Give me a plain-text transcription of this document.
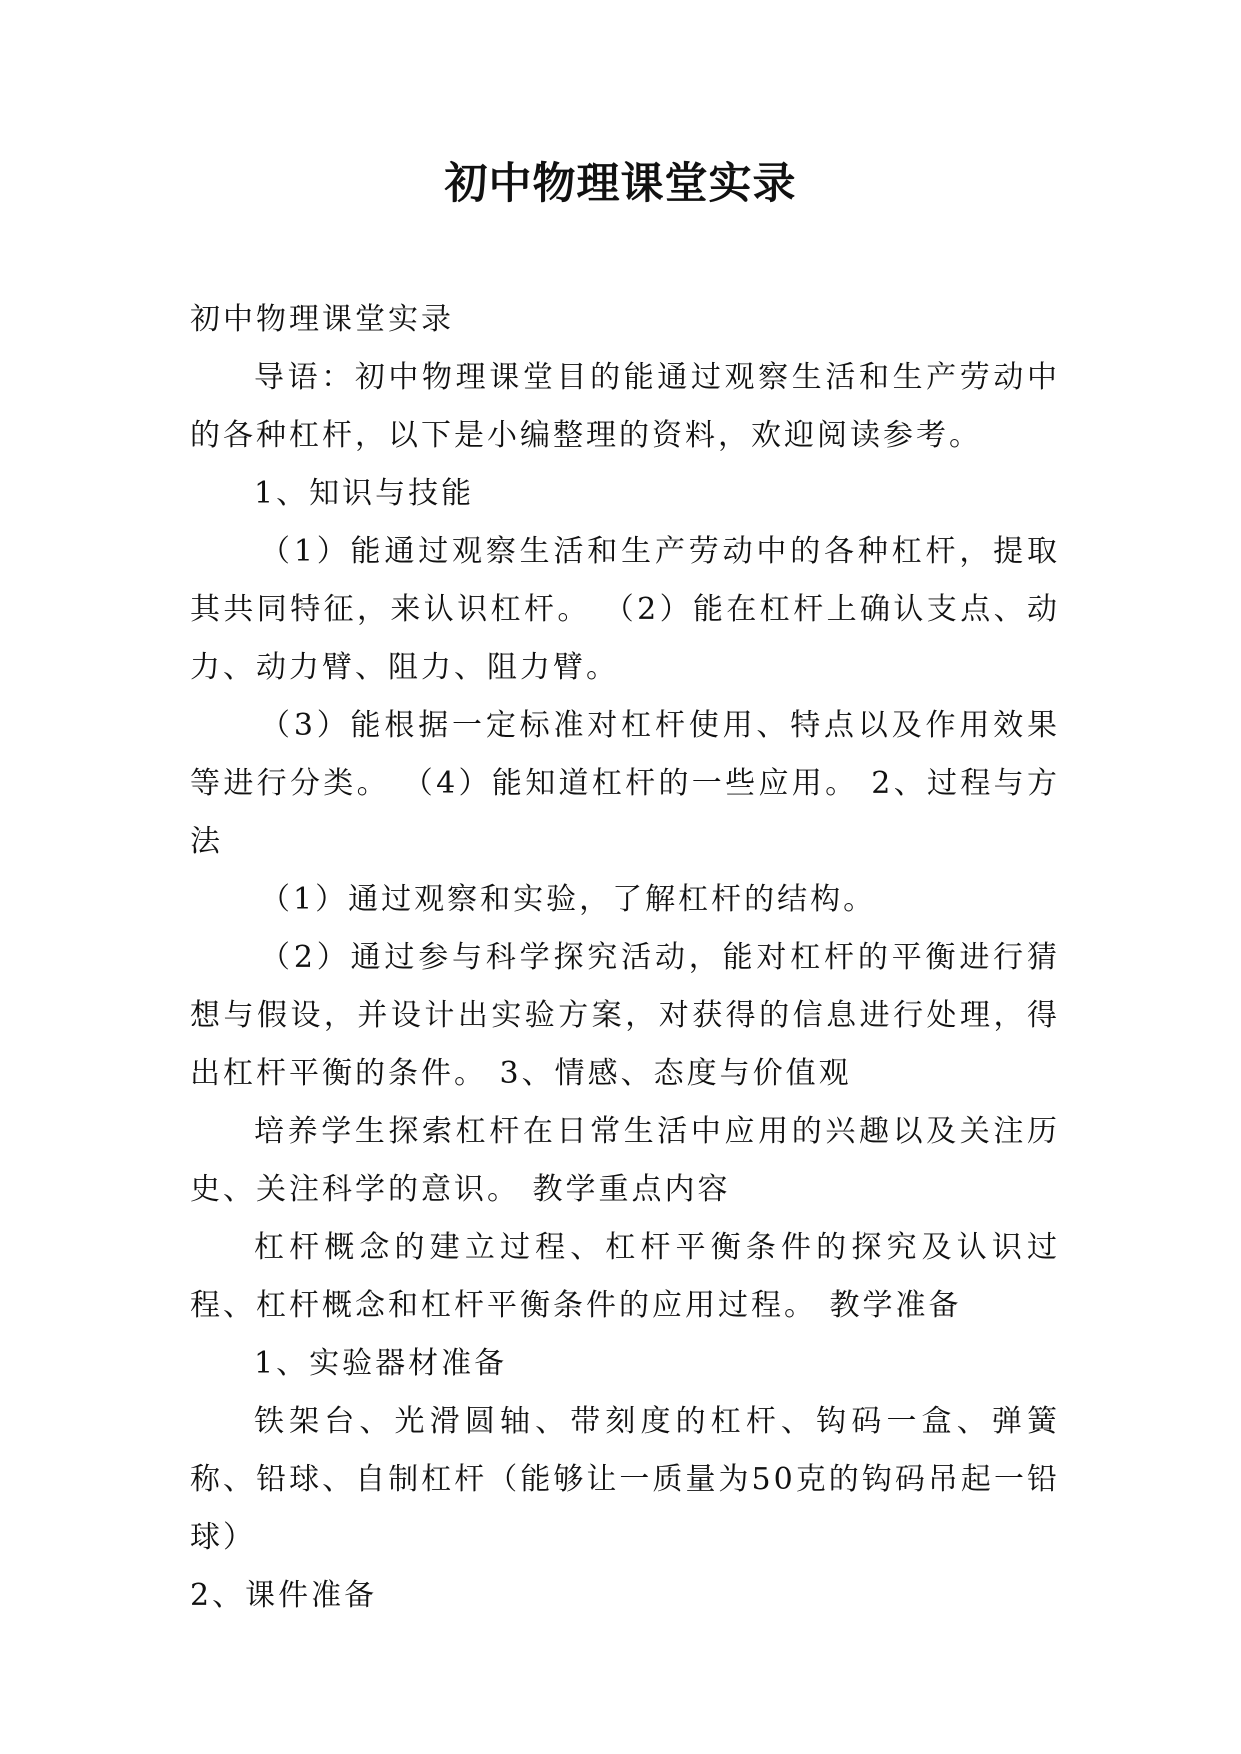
初中物理课堂实录

初中物理课堂实录

导语：初中物理课堂目的能通过观察生活和生产劳动中的各种杠杆，以下是小编整理的资料，欢迎阅读参考。

1、知识与技能

（1）能通过观察生活和生产劳动中的各种杠杆，提取其共同特征，来认识杠杆。 （2）能在杠杆上确认支点、动力、动力臂、阻力、阻力臂。

（3）能根据一定标准对杠杆使用、特点以及作用效果等进行分类。 （4）能知道杠杆的一些应用。 2、过程与方法

（1）通过观察和实验，了解杠杆的结构。

（2）通过参与科学探究活动，能对杠杆的平衡进行猜想与假设，并设计出实验方案，对获得的信息进行处理，得出杠杆平衡的条件。 3、情感、态度与价值观

培养学生探索杠杆在日常生活中应用的兴趣以及关注历史、关注科学的意识。 教学重点内容

杠杆概念的建立过程、杠杆平衡条件的探究及认识过程、杠杆概念和杠杆平衡条件的应用过程。 教学准备

1、实验器材准备

铁架台、光滑圆轴、带刻度的杠杆、钩码一盒、弹簧称、铅球、自制杠杆（能够让一质量为50克的钩码吊起一铅球）

2、课件准备
